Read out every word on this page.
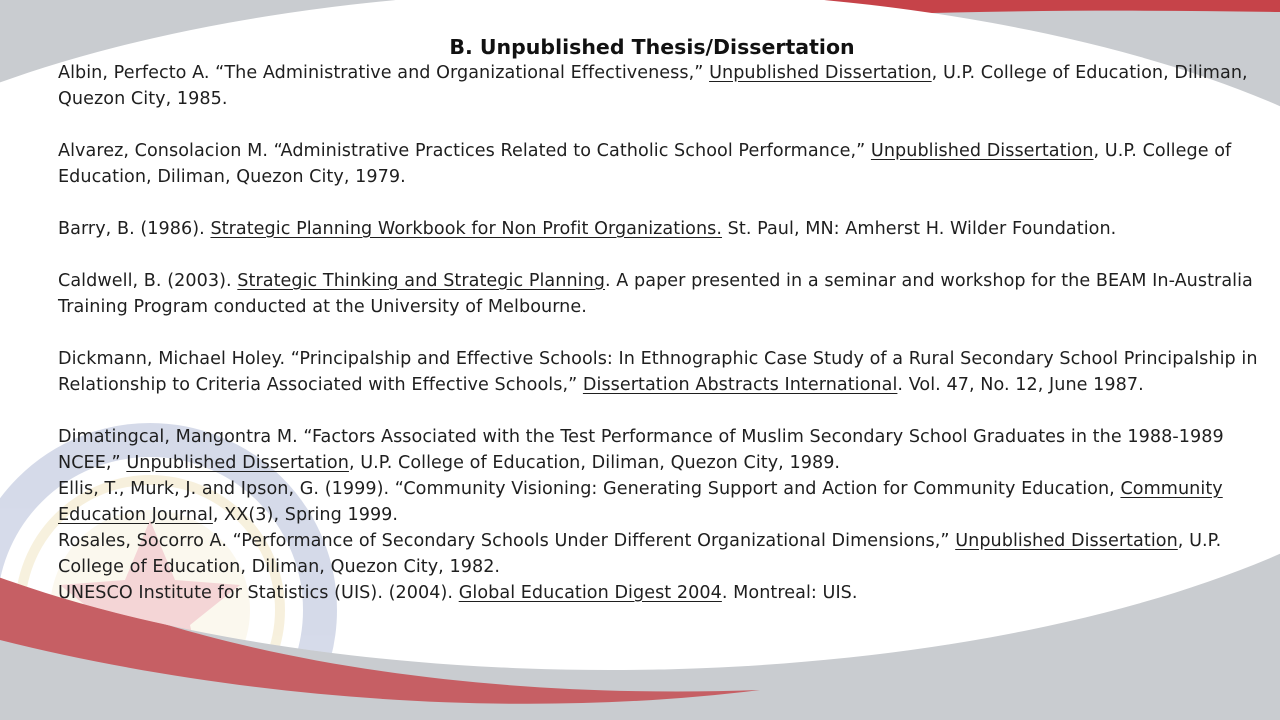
B. Unpublished Thesis/Dissertation

Albin, Perfecto A. “The Administrative and Organizational Effectiveness,” Unpublished Dissertation, U.P. College of Education, Diliman, Quezon City, 1985.

Alvarez, Consolacion M. “Administrative Practices Related to Catholic School Performance,” Unpublished Dissertation, U.P. College of Education, Diliman, Quezon City, 1979.

Barry, B. (1986). Strategic Planning Workbook for Non Profit Organizations. St. Paul, MN: Amherst H. Wilder Foundation.

Caldwell, B. (2003). Strategic Thinking and Strategic Planning. A paper presented in a seminar and workshop for the BEAM In-Australia Training Program conducted at the University of Melbourne.

Dickmann, Michael Holey. “Principalship and Effective Schools: In Ethnographic Case Study of a Rural Secondary School Principalship in Relationship to Criteria Associated with Effective Schools,” Dissertation Abstracts International. Vol. 47, No. 12, June 1987.

Dimatingcal, Mangontra M. “Factors Associated with the Test Performance of Muslim Secondary School Graduates in the 1988-1989 NCEE,” Unpublished Dissertation, U.P. College of Education, Diliman, Quezon City, 1989.

Ellis, T., Murk, J. and Ipson, G. (1999). “Community Visioning: Generating Support and Action for Community Education, Community Education Journal, XX(3), Spring 1999.

Rosales, Socorro A. “Performance of Secondary Schools Under Different Organizational Dimensions,” Unpublished Dissertation, U.P. College of Education, Diliman, Quezon City, 1982.

UNESCO Institute for Statistics (UIS). (2004). Global Education Digest 2004. Montreal: UIS.
